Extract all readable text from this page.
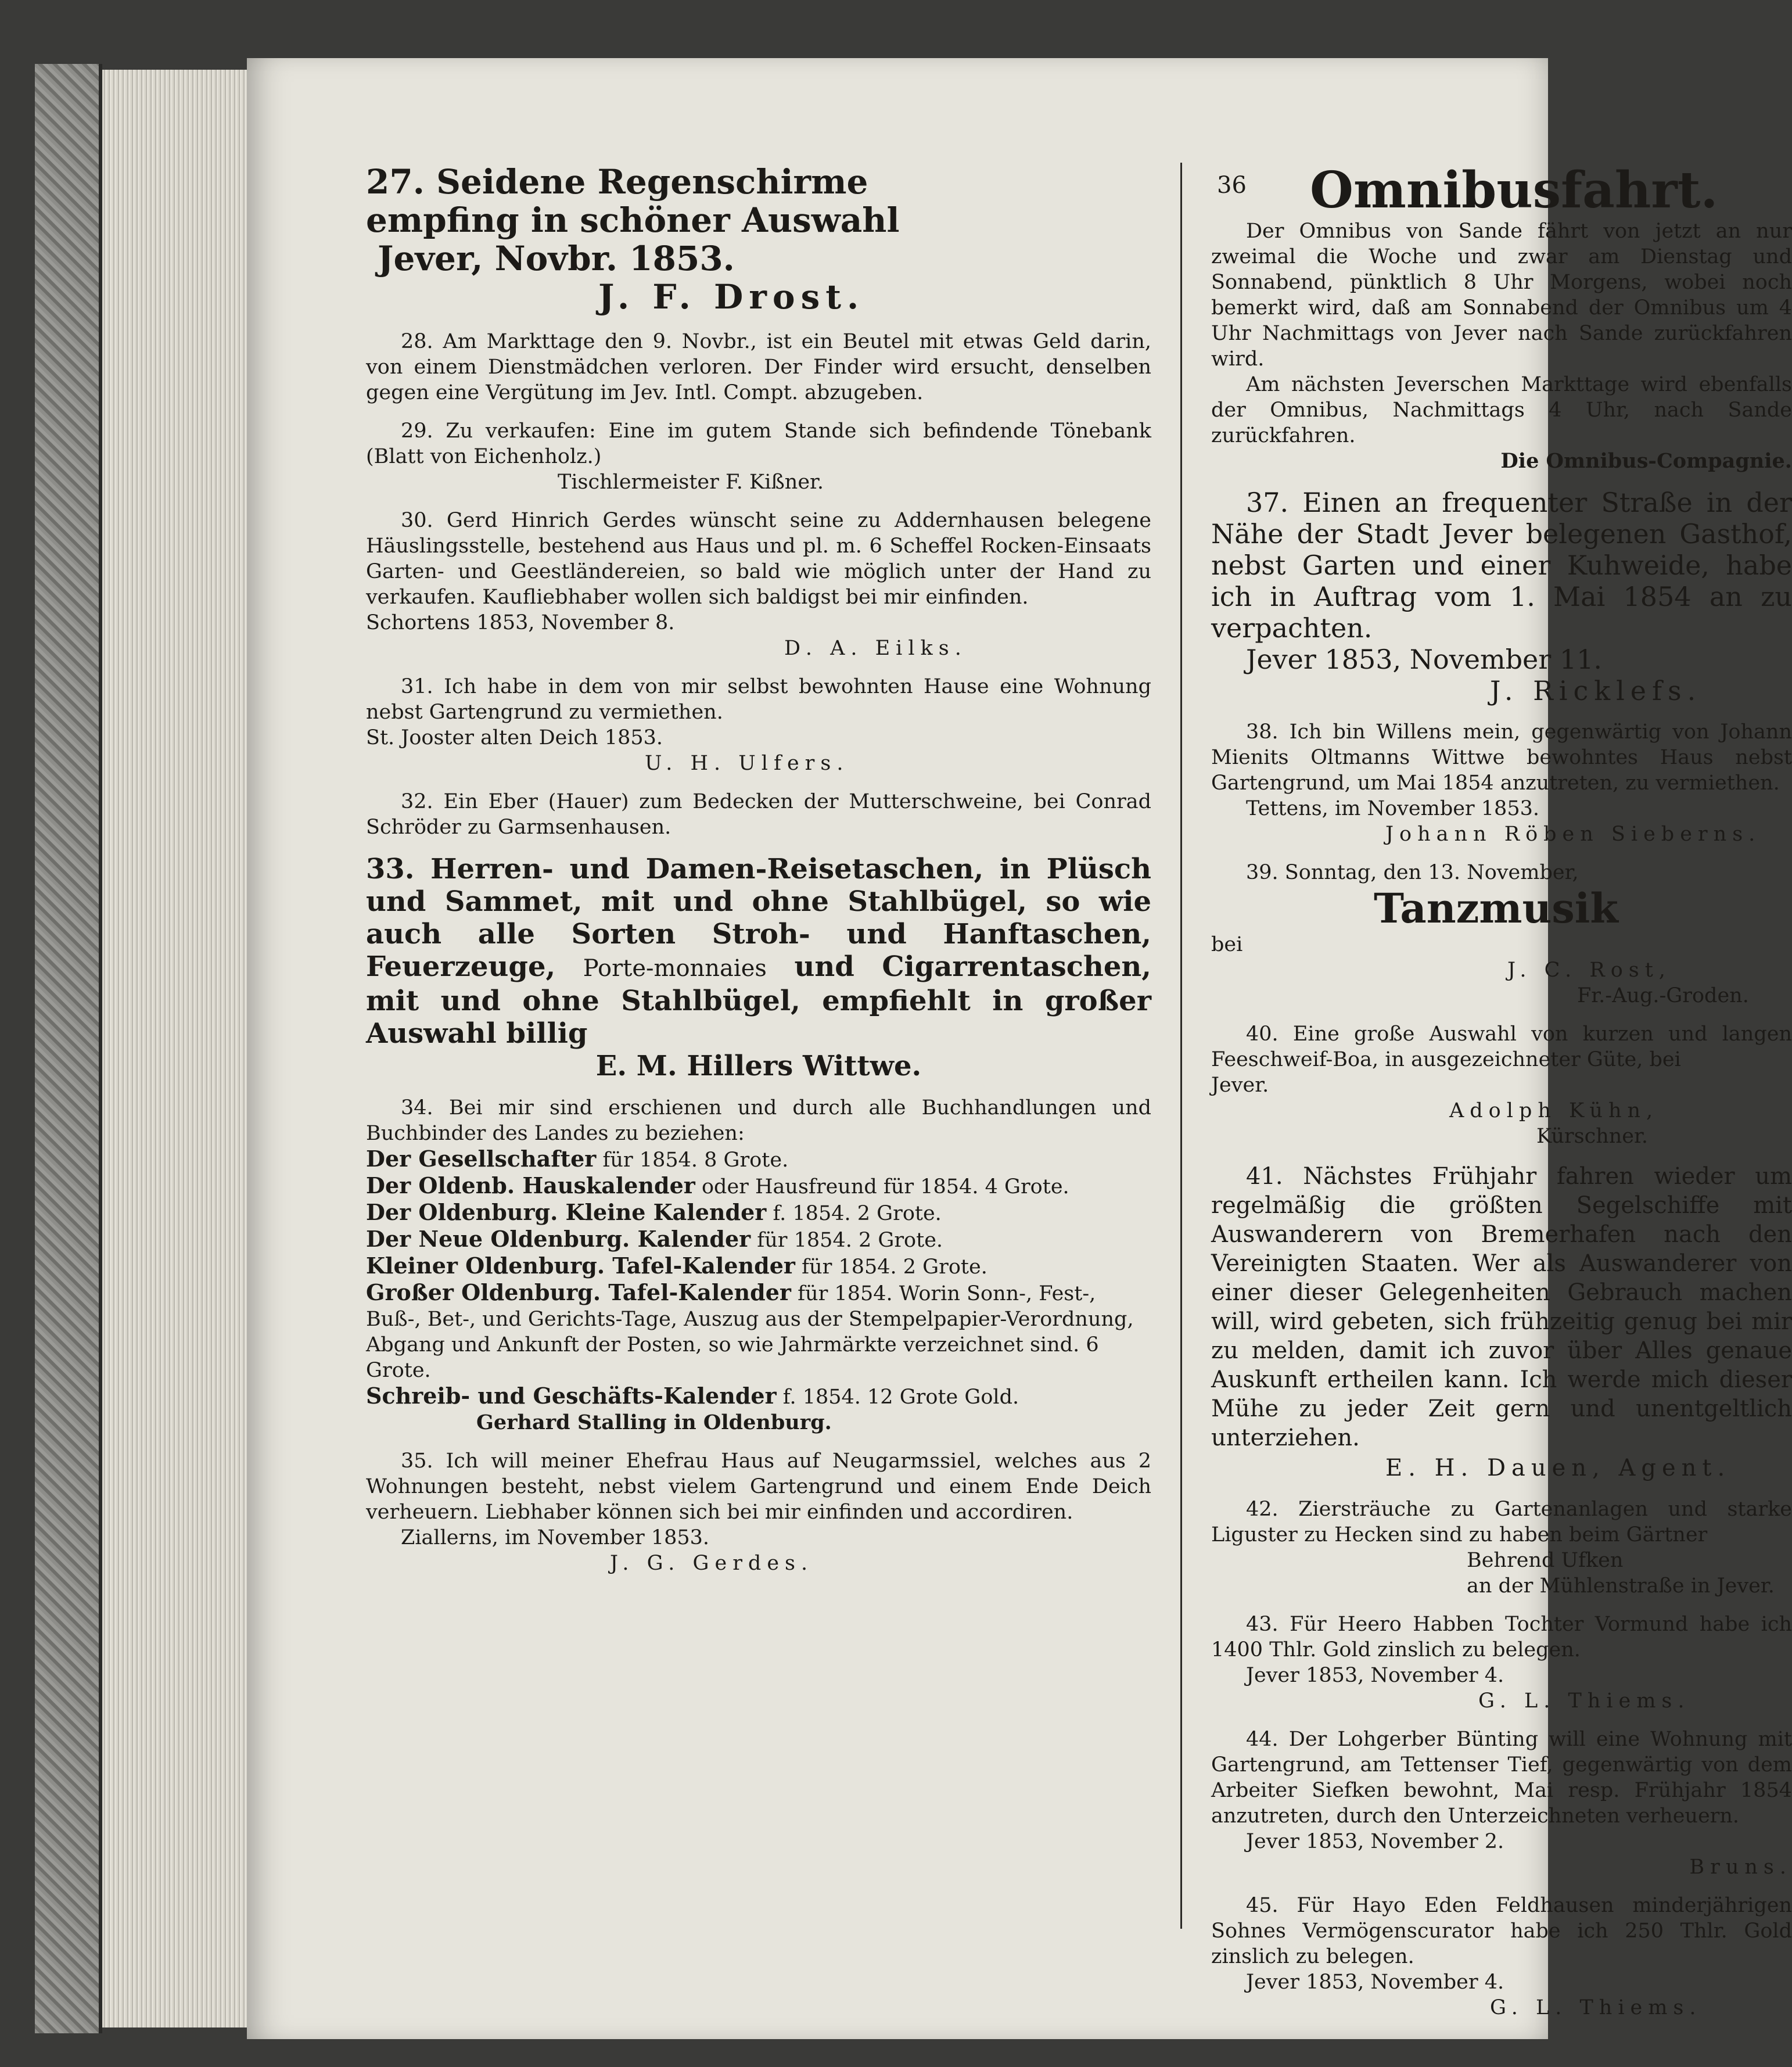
36

27. Seidene Regenschirme

empfing in schöner Auswahl

Jever, Novbr. 1853.

J. F. Drost.

28. Am Markttage den 9. Novbr., ist ein Beutel mit etwas Geld darin, von einem Dienstmädchen verloren. Der Finder wird ersucht, denselben gegen eine Vergütung im Jev. Intl. Compt. abzugeben.

29. Zu verkaufen: Eine im gutem Stande sich befindende Tönebank (Blatt von Eichenholz.)

Tischlermeister F. Kißner.

30. Gerd Hinrich Gerdes wünscht seine zu Addernhausen belegene Häuslingsstelle, bestehend aus Haus und pl. m. 6 Scheffel Rocken-Einsaats Garten- und Geestländereien, so bald wie möglich unter der Hand zu verkaufen. Kaufliebhaber wollen sich baldigst bei mir einfinden.

Schortens 1853, November 8.

D. A. Eilks.

31. Ich habe in dem von mir selbst bewohnten Hause eine Wohnung nebst Gartengrund zu vermiethen.

St. Jooster alten Deich 1853.

U. H. Ulfers.

32. Ein Eber (Hauer) zum Bedecken der Mutterschweine, bei Conrad Schröder zu Garmsenhausen.

33. Herren- und Damen-Reisetaschen, in Plüsch und Sammet, mit und ohne Stahlbügel, so wie auch alle Sorten Stroh- und Hanftaschen, Feuerzeuge, Porte-monnaies und Cigarrentaschen, mit und ohne Stahlbügel, empfiehlt in großer Auswahl billig

E. M. Hillers Wittwe.

34. Bei mir sind erschienen und durch alle Buchhandlungen und Buchbinder des Landes zu beziehen:

Der Gesellschafter für 1854. 8 Grote.

Der Oldenb. Hauskalender oder Hausfreund für 1854. 4 Grote.

Der Oldenburg. Kleine Kalender f. 1854. 2 Grote.

Der Neue Oldenburg. Kalender für 1854. 2 Grote.

Kleiner Oldenburg. Tafel-Kalender für 1854. 2 Grote.

Großer Oldenburg. Tafel-Kalender für 1854. Worin Sonn-, Fest-, Buß-, Bet-, und Gerichts-Tage, Auszug aus der Stempelpapier-Verordnung, Abgang und Ankunft der Posten, so wie Jahrmärkte verzeichnet sind. 6 Grote.

Schreib- und Geschäfts-Kalender f. 1854. 12 Grote Gold.

Gerhard Stalling in Oldenburg.

35. Ich will meiner Ehefrau Haus auf Neugarmssiel, welches aus 2 Wohnungen besteht, nebst vielem Gartengrund und einem Ende Deich verheuern. Liebhaber können sich bei mir einfinden und accordiren.

Ziallerns, im November 1853.

J. G. Gerdes.

Omnibusfahrt.

Der Omnibus von Sande fährt von jetzt an nur zweimal die Woche und zwar am Dienstag und Sonnabend, pünktlich 8 Uhr Morgens, wobei noch bemerkt wird, daß am Sonnabend der Omnibus um 4 Uhr Nachmittags von Jever nach Sande zurückfahren wird.

Am nächsten Jeverschen Markttage wird ebenfalls der Omnibus, Nachmittags 4 Uhr, nach Sande zurückfahren.

Die Omnibus-Compagnie.

37. Einen an frequenter Straße in der Nähe der Stadt Jever belegenen Gasthof, nebst Garten und einer Kuhweide, habe ich in Auftrag vom 1. Mai 1854 an zu verpachten.

Jever 1853, November 11.

J. Ricklefs.

38. Ich bin Willens mein, gegenwärtig von Johann Mienits Oltmanns Wittwe bewohntes Haus nebst Gartengrund, um Mai 1854 anzutreten, zu vermiethen.

Tettens, im November 1853.

Johann Röben Sieberns.

39. Sonntag, den 13. November,

Tanzmusik

bei

J. C. Rost,

Fr.-Aug.-Groden.

40. Eine große Auswahl von kurzen und langen Feeschweif-Boa, in ausgezeichneter Güte, bei

Jever.

Adolph Kühn,

Kürschner.

41. Nächstes Frühjahr fahren wieder um regelmäßig die größten Segelschiffe mit Auswanderern von Bremerhafen nach den Vereinigten Staaten. Wer als Auswanderer von einer dieser Gelegenheiten Gebrauch machen will, wird gebeten, sich frühzeitig genug bei mir zu melden, damit ich zuvor über Alles genaue Auskunft ertheilen kann. Ich werde mich dieser Mühe zu jeder Zeit gern und unentgeltlich unterziehen.

E. H. Dauen, Agent.

42. Ziersträuche zu Gartenanlagen und starke Liguster zu Hecken sind zu haben beim Gärtner

Behrend Ufken

an der Mühlenstraße in Jever.

43. Für Heero Habben Tochter Vormund habe ich 1400 Thlr. Gold zinslich zu belegen.

Jever 1853, November 4.

G. L. Thiems.

44. Der Lohgerber Bünting will eine Wohnung mit Gartengrund, am Tettenser Tief, gegenwärtig von dem Arbeiter Siefken bewohnt, Mai resp. Frühjahr 1854 anzutreten, durch den Unterzeichneten verheuern.

Jever 1853, November 2.

Bruns.

45. Für Hayo Eden Feldhausen minderjährigen Sohnes Vermögenscurator habe ich 250 Thlr. Gold zinslich zu belegen.

Jever 1853, November 4.

G. L. Thiems.
